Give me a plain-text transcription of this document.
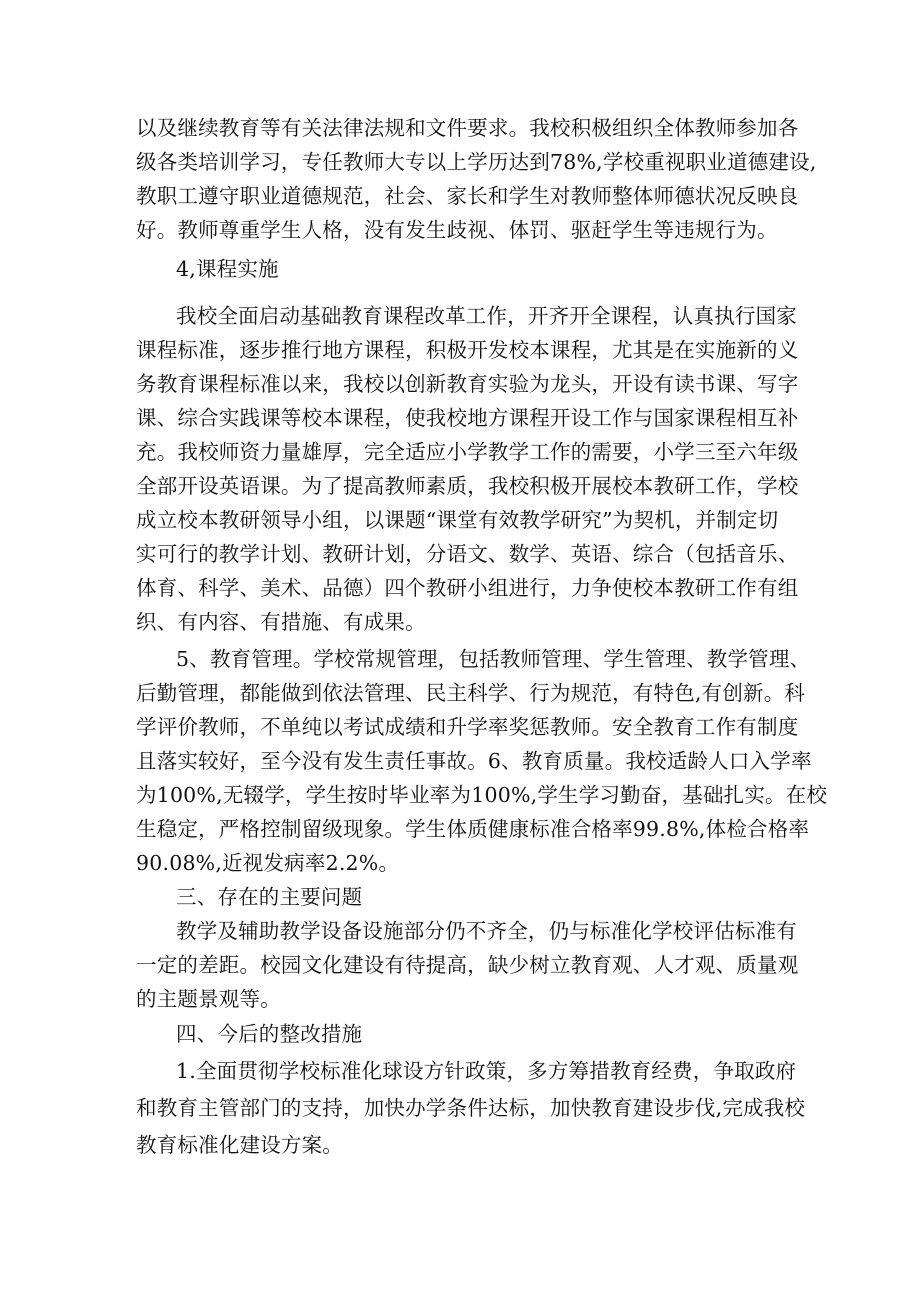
以及继续教育等有关法律法规和文件要求。我校积极组织全体教师参加各
级各类培训学习，专任教师大专以上学历达到78%,学校重视职业道德建设,
教职工遵守职业道德规范，社会、家长和学生对教师整体师德状况反映良
好。教师尊重学生人格，没有发生歧视、体罚、驱赶学生等违规行为。
4,课程实施
我校全面启动基础教育课程改革工作，开齐开全课程，认真执行国家
课程标准，逐步推行地方课程，积极开发校本课程，尤其是在实施新的义
务教育课程标准以来，我校以创新教育实验为龙头，开设有读书课、写字
课、综合实践课等校本课程，使我校地方课程开设工作与国家课程相互补
充。我校师资力量雄厚，完全适应小学教学工作的需要，小学三至六年级
全部开设英语课。为了提高教师素质，我校积极开展校本教研工作，学校
成立校本教研领导小组，以课题“课堂有效教学研究”为契机，并制定切
实可行的教学计划、教研计划，分语文、数学、英语、综合（包括音乐、
体育、科学、美术、品德）四个教研小组进行，力争使校本教研工作有组
织、有内容、有措施、有成果。
5、教育管理。学校常规管理，包括教师管理、学生管理、教学管理、
后勤管理，都能做到依法管理、民主科学、行为规范，有特色,有创新。科
学评价教师，不单纯以考试成绩和升学率奖惩教师。安全教育工作有制度
且落实较好，至今没有发生责任事故。6、教育质量。我校适龄人口入学率
为100%,无辍学，学生按时毕业率为100%,学生学习勤奋，基础扎实。在校
生稳定，严格控制留级现象。学生体质健康标准合格率99.8%,体检合格率
90.08%,近视发病率2.2%。
三、存在的主要问题
教学及辅助教学设备设施部分仍不齐全，仍与标准化学校评估标准有
一定的差距。校园文化建设有待提高，缺少树立教育观、人才观、质量观
的主题景观等。
四、今后的整改措施
1.全面贯彻学校标准化球设方针政策，多方筹措教育经费，争取政府
和教育主管部门的支持，加快办学条件达标，加快教育建设步伐,完成我校
教育标准化建设方案。
